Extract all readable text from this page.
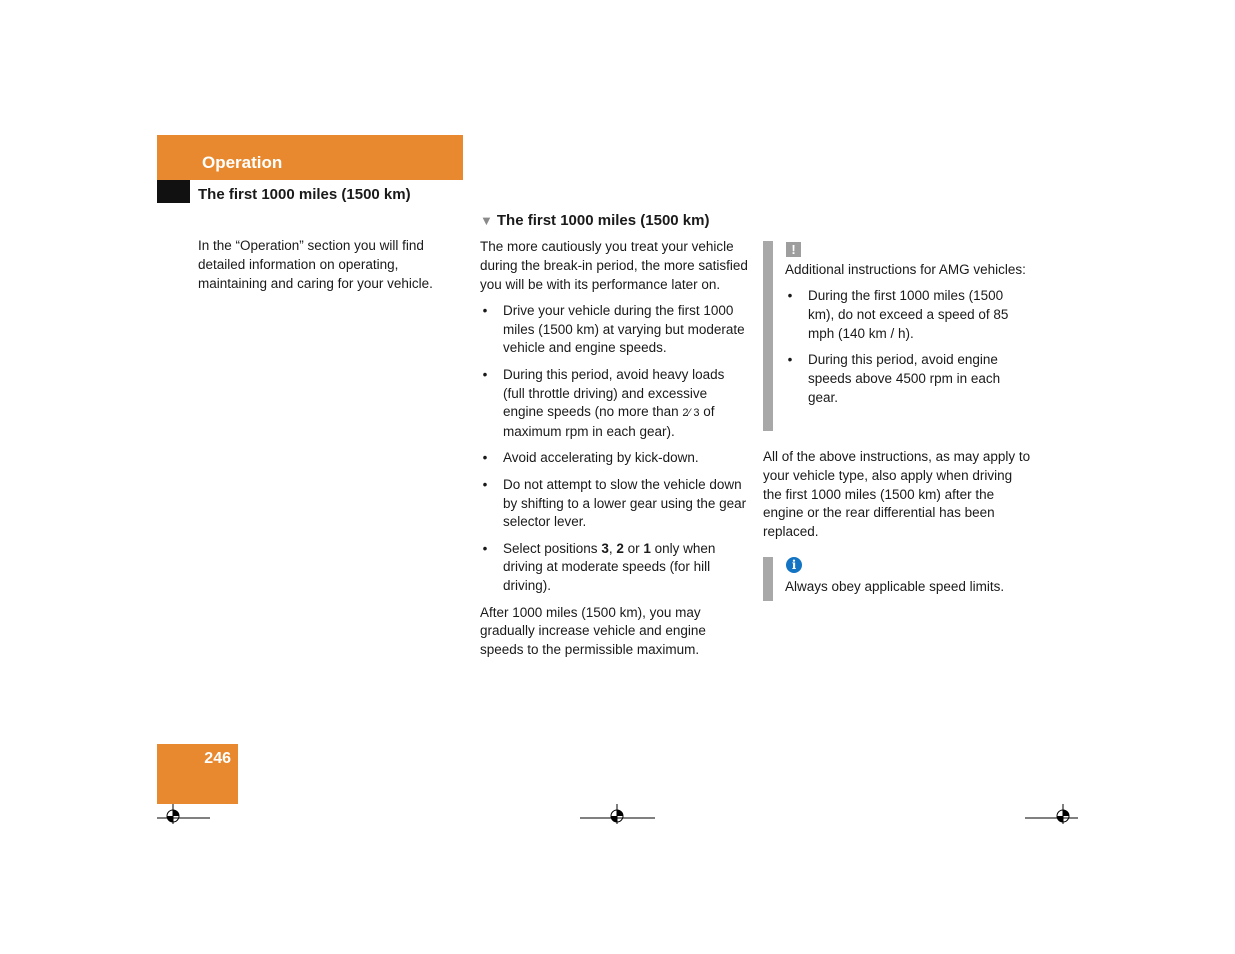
Operation
The first 1000 miles (1500 km)
In the “Operation” section you will find detailed information on operating, maintaining and caring for your vehicle.
▼ The first 1000 miles (1500 km)

The more cautiously you treat your vehicle during the break-in period, the more satisfied you will be with its performance later on.

• Drive your vehicle during the first 1000 miles (1500 km) at varying but moderate vehicle and engine speeds.
• During this period, avoid heavy loads (full throttle driving) and excessive engine speeds (no more than 2⁄ 3 of maximum rpm in each gear).
• Avoid accelerating by kick-down.
• Do not attempt to slow the vehicle down by shifting to a lower gear using the gear selector lever.
• Select positions 3, 2 or 1 only when driving at moderate speeds (for hill driving).

After 1000 miles (1500 km), you may gradually increase vehicle and engine speeds to the permissible maximum.

!

Additional instructions for AMG vehicles:

• During the first 1000 miles (1500 km), do not exceed a speed of 85 mph (140 km / h).
• During this period, avoid engine speeds above 4500 rpm in each gear.
All of the above instructions, as may apply to your vehicle type, also apply when driving the first 1000 miles (1500 km) after the engine or the rear differential has been replaced.
i
Always obey applicable speed limits.
246
